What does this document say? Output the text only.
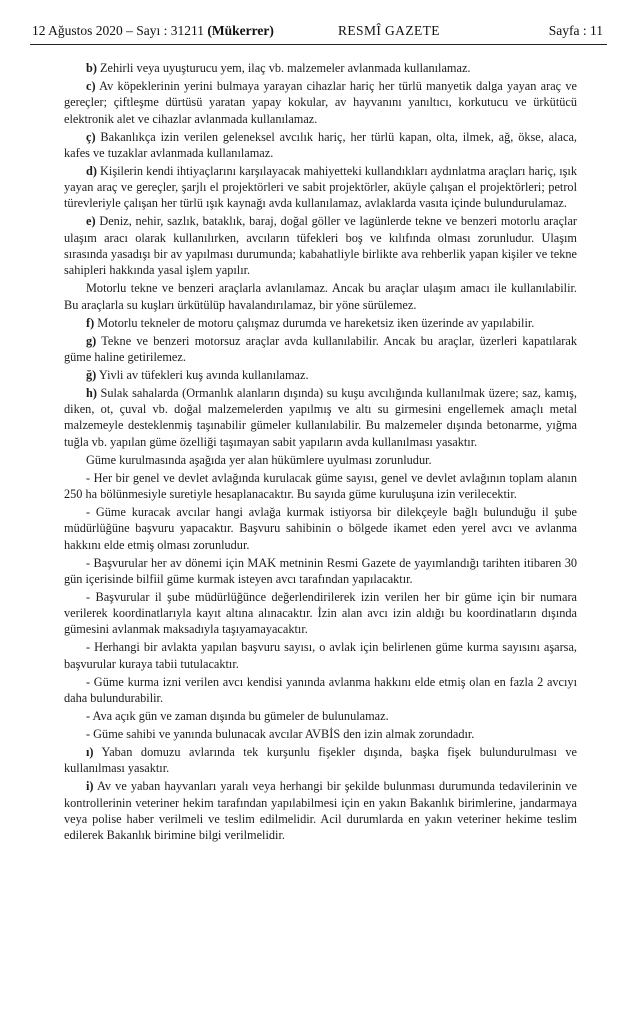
12 Ağustos 2020 – Sayı : 31211 (Mükerrer)	RESMÎ GAZETE	Sayfa : 11

b) Zehirli veya uyuşturucu yem, ilaç vb. malzemeler avlanmada kullanılamaz.

c) Av köpeklerinin yerini bulmaya yarayan cihazlar hariç her türlü manyetik dalga yayan araç ve gereçler; çiftleşme dürtüsü yaratan yapay kokular, av hayvanını yanıltıcı, korkutucu ve ürkütücü elektronik alet ve cihazlar avlanmada kullanılamaz.

ç) Bakanlıkça izin verilen geleneksel avcılık hariç, her türlü kapan, olta, ilmek, ağ, ökse, alaca, kafes ve tuzaklar avlanmada kullanılamaz.

d) Kişilerin kendi ihtiyaçlarını karşılayacak mahiyetteki kullandıkları aydınlatma araçları hariç, ışık yayan araç ve gereçler, şarjlı el projektörleri ve sabit projektörler, aküyle çalışan el projektörleri; petrol türevleriyle çalışan her türlü ışık kaynağı avda kullanılamaz, avlaklarda vasıta içinde bulundurulamaz.

e) Deniz, nehir, sazlık, bataklık, baraj, doğal göller ve lagünlerde tekne ve benzeri motorlu araçlar ulaşım aracı olarak kullanılırken, avcıların tüfekleri boş ve kılıfında olması zorunludur. Ulaşım sırasında yasadışı bir av yapılması durumunda; kabahatliyle birlikte ava rehberlik yapan kişiler ve tekne sahipleri hakkında yasal işlem yapılır.

Motorlu tekne ve benzeri araçlarla avlanılamaz. Ancak bu araçlar ulaşım amacı ile kullanılabilir. Bu araçlarla su kuşları ürkütülüp havalandırılamaz, bir yöne sürülemez.

f) Motorlu tekneler de motoru çalışmaz durumda ve hareketsiz iken üzerinde av yapılabilir.

g) Tekne ve benzeri motorsuz araçlar avda kullanılabilir. Ancak bu araçlar, üzerleri kapatılarak güme haline getirilemez.

ğ) Yivli av tüfekleri kuş avında kullanılamaz.

h) Sulak sahalarda (Ormanlık alanların dışında) su kuşu avcılığında kullanılmak üzere; saz, kamış, diken, ot, çuval vb. doğal malzemelerden yapılmış ve altı su girmesini engellemek amaçlı metal malzemeyle desteklenmiş taşınabilir gümeler kullanılabilir. Bu malzemeler dışında betonarme, yığma tuğla vb. yapılan güme özelliği taşımayan sabit yapıların avda kullanılması yasaktır.

Güme kurulmasında aşağıda yer alan hükümlere uyulması zorunludur.

- Her bir genel ve devlet avlağında kurulacak güme sayısı, genel ve devlet avlağının toplam alanın 250 ha bölünmesiyle suretiyle hesaplanacaktır. Bu sayıda güme kuruluşuna izin verilecektir.

- Güme kuracak avcılar hangi avlağa kurmak istiyorsa bir dilekçeyle bağlı bulunduğu il şube müdürlüğüne başvuru yapacaktır. Başvuru sahibinin o bölgede ikamet eden yerel avcı ve avlanma hakkını elde etmiş olması zorunludur.

- Başvurular her av dönemi için MAK metninin Resmi Gazete de yayımlandığı tarihten itibaren 30 gün içerisinde bilfiil güme kurmak isteyen avcı tarafından yapılacaktır.

- Başvurular il şube müdürlüğünce değerlendirilerek izin verilen her bir güme için bir numara verilerek koordinatlarıyla kayıt altına alınacaktır. İzin alan avcı izin aldığı bu koordinatların dışında gümesini avlanmak maksadıyla taşıyamayacaktır.

- Herhangi bir avlakta yapılan başvuru sayısı, o avlak için belirlenen güme kurma sayısını aşarsa, başvurular kuraya tabii tutulacaktır.

- Güme kurma izni verilen avcı kendisi yanında avlanma hakkını elde etmiş olan en fazla 2 avcıyı daha bulundurabilir.

- Ava açık gün ve zaman dışında bu gümeler de bulunulamaz.

- Güme sahibi ve yanında bulunacak avcılar AVBİS den izin almak zorundadır.

ı) Yaban domuzu avlarında tek kurşunlu fişekler dışında, başka fişek bulundurulması ve kullanılması yasaktır.

i) Av ve yaban hayvanları yaralı veya herhangi bir şekilde bulunması durumunda tedavilerinin ve kontrollerinin veteriner hekim tarafından yapılabilmesi için en yakın Bakanlık birimlerine, jandarmaya veya polise haber verilmeli ve teslim edilmelidir. Acil durumlarda en yakın veteriner hekime teslim edilerek Bakanlık birimine bilgi verilmelidir.
